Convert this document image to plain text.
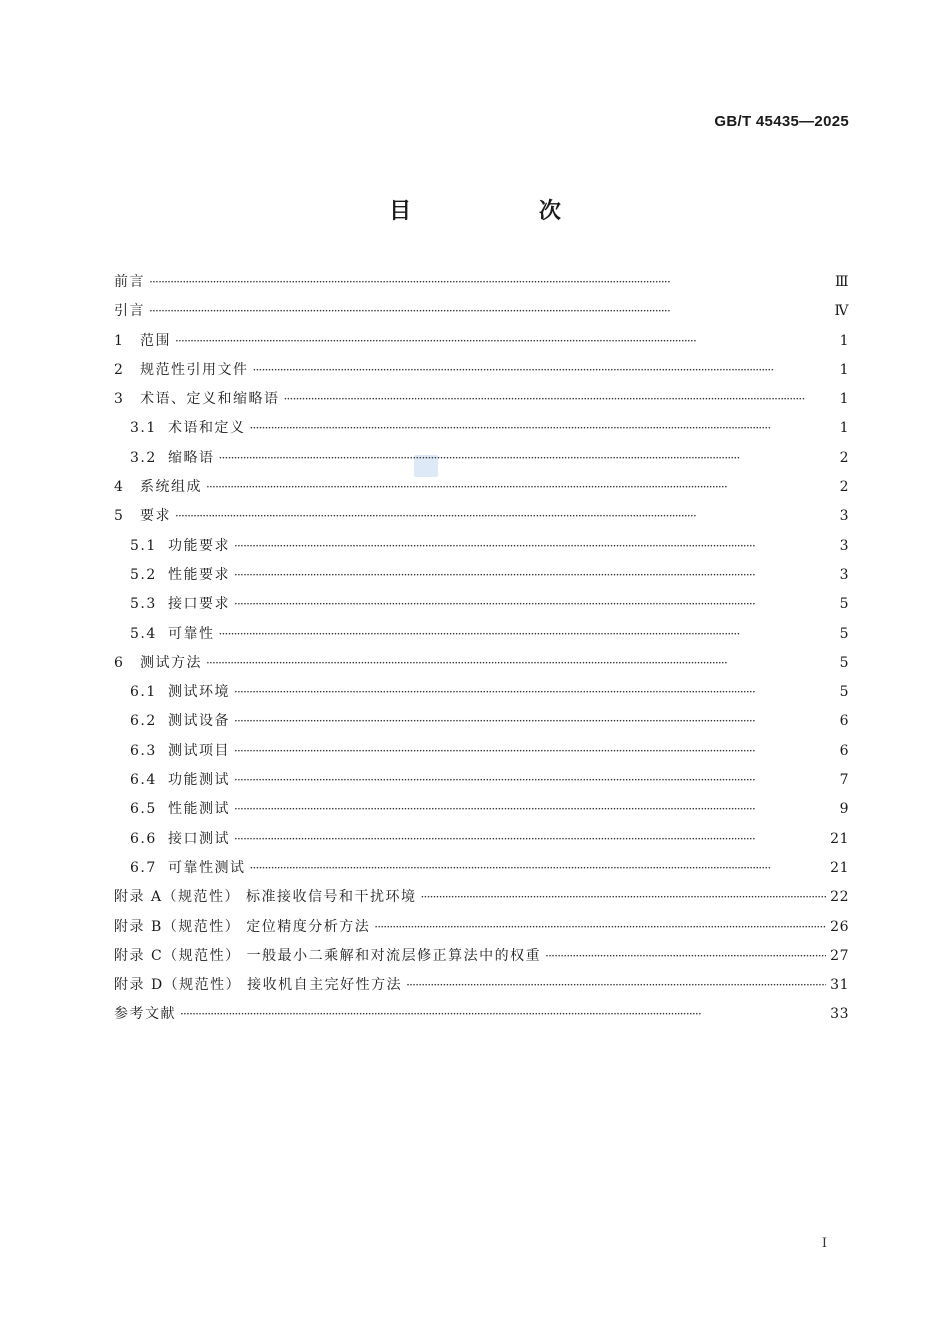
GB/T 45435—2025
目 次
前言 · · ·	Ⅲ
引言 · · ·	Ⅳ
1	范围 · · ·	1
2	规范性引用文件 · · ·	1
3	术语、定义和缩略语 · · ·	1
3.1 术语和定义 · · ·	1
3.2 缩略语 · · ·	2
4	系统组成 · · ·	2
5	要求 · · ·	3
5.1 功能要求 · · ·	3
5.2 性能要求 · · ·	3
5.3 接口要求 · · ·	5
5.4 可靠性 · · ·	5
6	测试方法 · · ·	5
6.1 测试环境 · · ·	5
6.2 测试设备 · · ·	6
6.3 测试项目 · · ·	6
6.4 功能测试 · · ·	7
6.5 性能测试 · · ·	9
6.6 接口测试 · · ·	21
6.7 可靠性测试 · · ·	21
附录 A（规范性） 标准接收信号和干扰环境 · · ·	22
附录 B（规范性） 定位精度分析方法 · · ·	26
附录 C（规范性） 一般最小二乘解和对流层修正算法中的权重 · · ·	27
附录 D（规范性） 接收机自主完好性方法 · · ·	31
参考文献 · · ·	33
I
